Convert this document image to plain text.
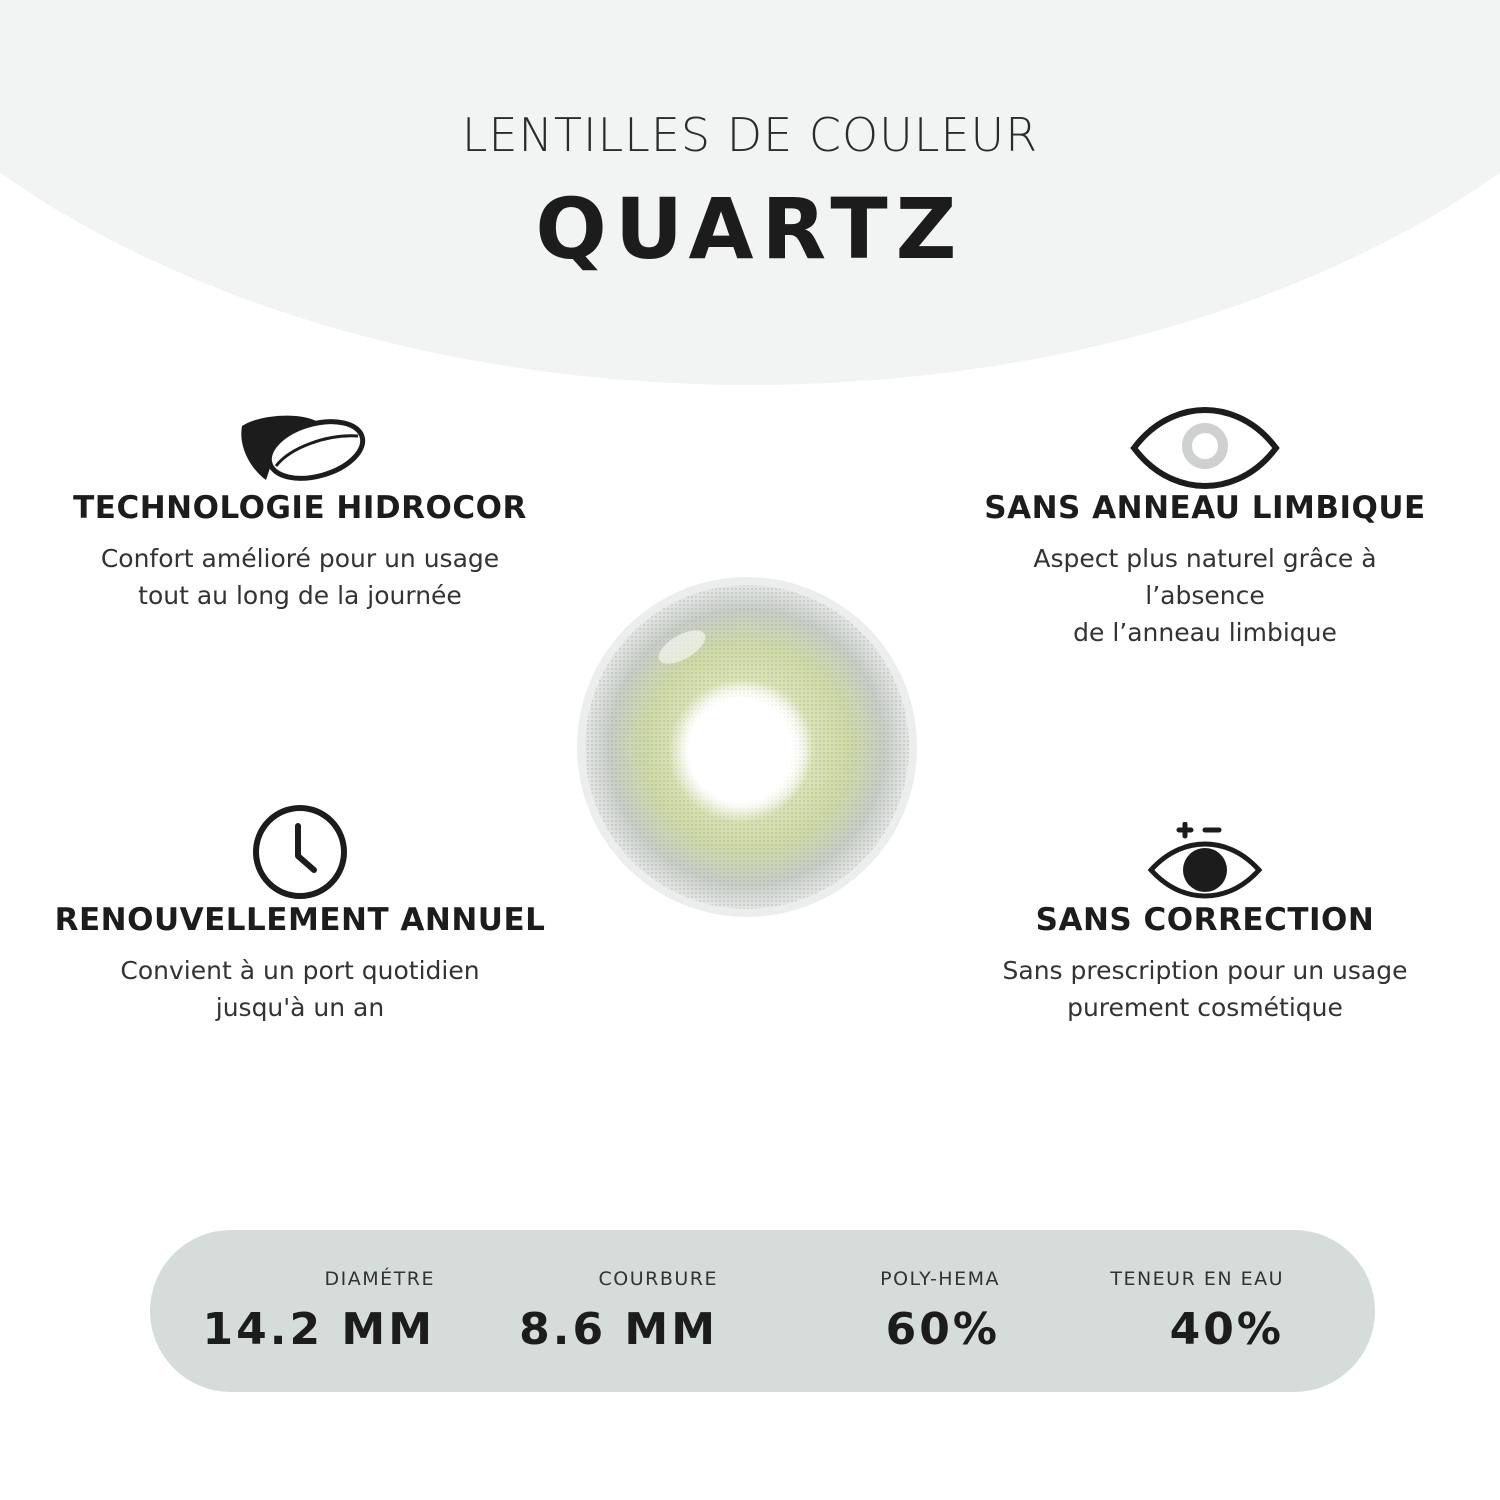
LENTILLES DE COULEUR
QUARTZ
TECHNOLOGIE HIDROCOR

Confort amélioré pour un usage
tout au long de la journée

SANS ANNEAU LIMBIQUE

Aspect plus naturel grâce à l’absence
de l’anneau limbique

RENOUVELLEMENT ANNUEL

Convient à un port quotidien
jusqu'à un an

SANS CORRECTION

Sans prescription pour un usage
purement cosmétique

DIAMÉTRE
14.2 MM
COURBURE
8.6 MM
POLY-HEMA
60%
TENEUR EN EAU
40%
